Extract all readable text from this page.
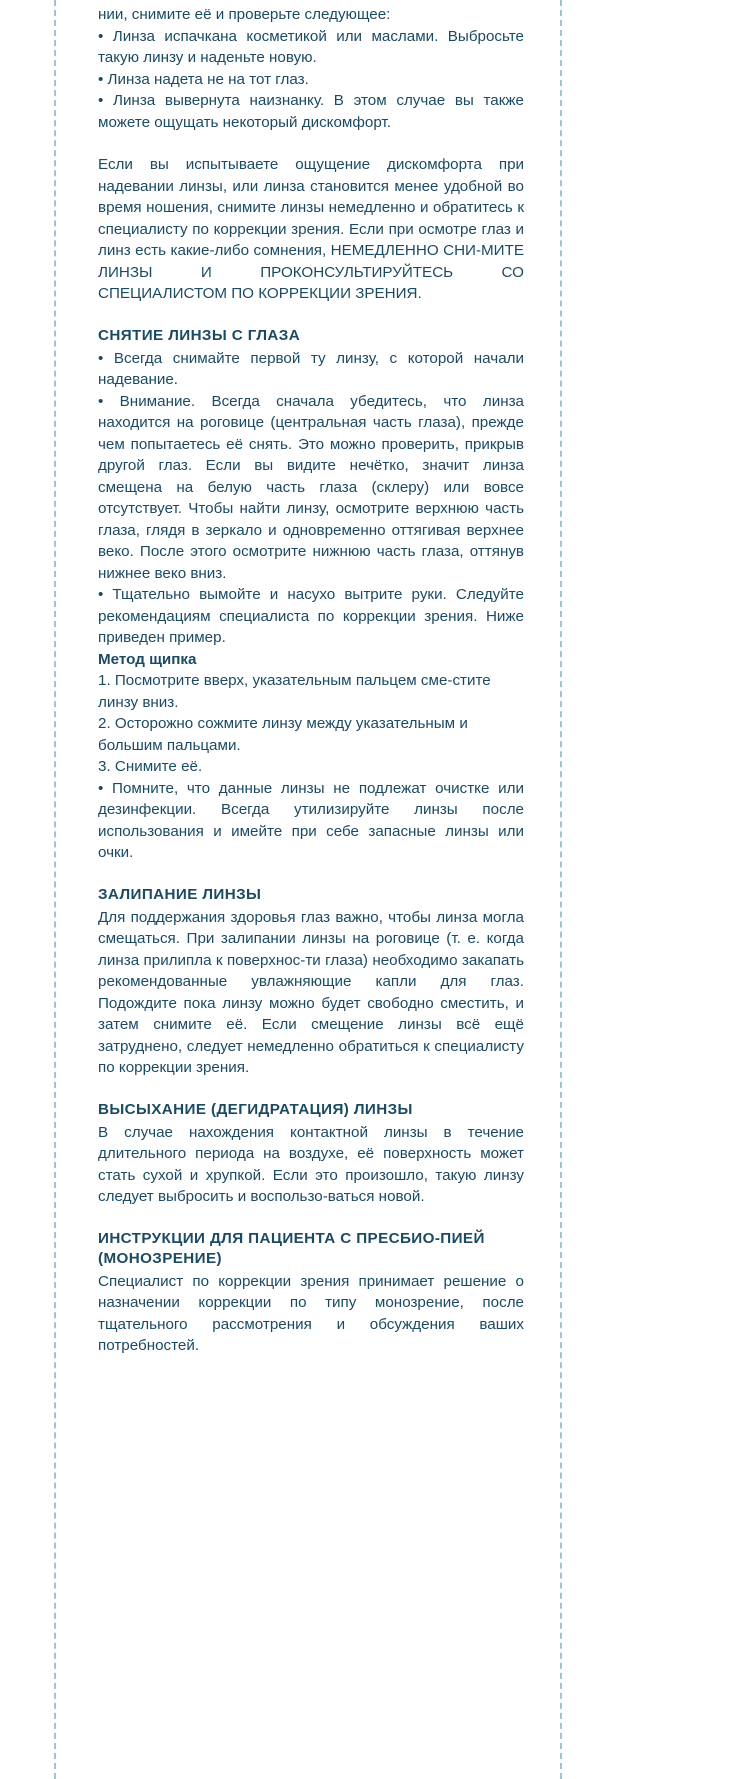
нии, снимите её и проверьте следующее:

• Линза испачкана косметикой или маслами. Выбросьте такую линзу и наденьте новую.

• Линза надета не на тот глаз.

• Линза вывернута наизнанку. В этом случае вы также можете ощущать некоторый дискомфорт.

Если вы испытываете ощущение дискомфорта при надевании линзы, или линза становится менее удобной во время ношения, снимите линзы немедленно и обратитесь к специалисту по коррекции зрения. Если при осмотре глаз и линз есть какие-либо сомнения, НЕМЕДЛЕННО СНИ-МИТЕ ЛИНЗЫ И ПРОКОНСУЛЬТИРУЙТЕСЬ СО СПЕЦИАЛИСТОМ ПО КОРРЕКЦИИ ЗРЕНИЯ.

СНЯТИЕ ЛИНЗЫ С ГЛАЗА

• Всегда снимайте первой ту линзу, с которой начали надевание.

• Внимание. Всегда сначала убедитесь, что линза находится на роговице (центральная часть глаза), прежде чем попытаетесь её снять. Это можно проверить, прикрыв другой глаз. Если вы видите нечётко, значит линза смещена на белую часть глаза (склеру) или вовсе отсутствует. Чтобы найти линзу, осмотрите верхнюю часть глаза, глядя в зеркало и одновременно оттягивая верхнее веко. После этого осмотрите нижнюю часть глаза, оттянув нижнее веко вниз.

• Тщательно вымойте и насухо вытрите руки. Следуйте рекомендациям специалиста по коррекции зрения. Ниже приведен пример.

Метод щипка

1. Посмотрите вверх, указательным пальцем сме-стите линзу вниз.

2. Осторожно сожмите линзу между указательным и большим пальцами.

3. Снимите её.

• Помните, что данные линзы не подлежат очистке или дезинфекции. Всегда утилизируйте линзы после использования и имейте при себе запасные линзы или очки.

ЗАЛИПАНИЕ ЛИНЗЫ

Для поддержания здоровья глаз важно, чтобы линза могла смещаться. При залипании линзы на роговице (т. е. когда линза прилипла к поверхнос-ти глаза) необходимо закапать рекомендованные увлажняющие капли для глаз. Подождите пока линзу можно будет свободно сместить, и затем снимите её. Если смещение линзы всё ещё затруднено, следует немедленно обратиться к специалисту по коррекции зрения.

ВЫСЫХАНИЕ (ДЕГИДРАТАЦИЯ) ЛИНЗЫ

В случае нахождения контактной линзы в течение длительного периода на воздухе, её поверхность может стать сухой и хрупкой. Если это произошло, такую линзу следует выбросить и воспользо-ваться новой.

ИНСТРУКЦИИ ДЛЯ ПАЦИЕНТА С ПРЕСБИО-ПИЕЙ (МОНОЗРЕНИЕ)

Специалист по коррекции зрения принимает решение о назначении коррекции по типу монозрение, после тщательного рассмотрения и обсуждения ваших потребностей.
